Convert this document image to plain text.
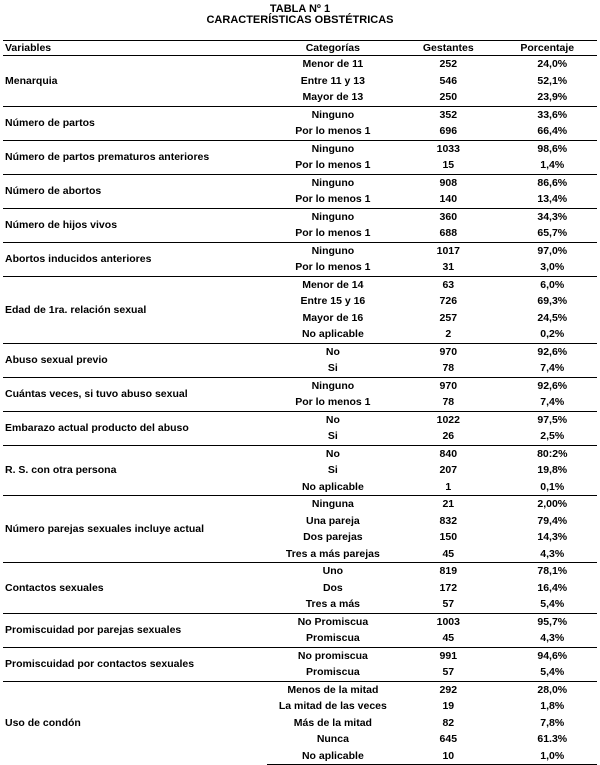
TABLA Nº 1
CARACTERÍSTICAS OBSTÉTRICAS
Variables	Categorías	Gestantes	Porcentaje
Menarquia	Menor de 11	252	24,0%
	Entre 11 y 13	546	52,1%
	Mayor de 13	250	23,9%
Número de partos	Ninguno	352	33,6%
	Por lo menos 1	696	66,4%
Número de partos prematuros anteriores	Ninguno	1033	98,6%
	Por lo menos 1	15	1,4%
Número de abortos	Ninguno	908	86,6%
	Por lo menos 1	140	13,4%
Número de hijos vivos	Ninguno	360	34,3%
	Por lo menos 1	688	65,7%
Abortos inducidos anteriores	Ninguno	1017	97,0%
	Por lo menos 1	31	3,0%
Edad de 1ra. relación sexual	Menor de 14	63	6,0%
	Entre 15 y 16	726	69,3%
	Mayor de 16	257	24,5%
	No aplicable	2	0,2%
Abuso sexual previo	No	970	92,6%
	Si	78	7,4%
Cuántas veces, si tuvo abuso sexual	Ninguno	970	92,6%
	Por lo menos 1	78	7,4%
Embarazo actual producto del abuso	No	1022	97,5%
	Si	26	2,5%
R. S. con otra persona	No	840	80:2%
	Si	207	19,8%
	No aplicable	1	0,1%
Número parejas sexuales incluye actual	Ninguna	21	2,00%
	Una pareja	832	79,4%
	Dos parejas	150	14,3%
	Tres a más parejas	45	4,3%
Contactos sexuales	Uno	819	78,1%
	Dos	172	16,4%
	Tres a más	57	5,4%
Promiscuidad por parejas sexuales	No Promiscua	1003	95,7%
	Promiscua	45	4,3%
Promiscuidad por contactos sexuales	No promiscua	991	94,6%
	Promiscua	57	5,4%
Uso de condón	Menos de la mitad	292	28,0%
	La mitad de las veces	19	1,8%
	Más de la mitad	82	7,8%
	Nunca	645	61.3%
	No aplicable	10	1,0%
